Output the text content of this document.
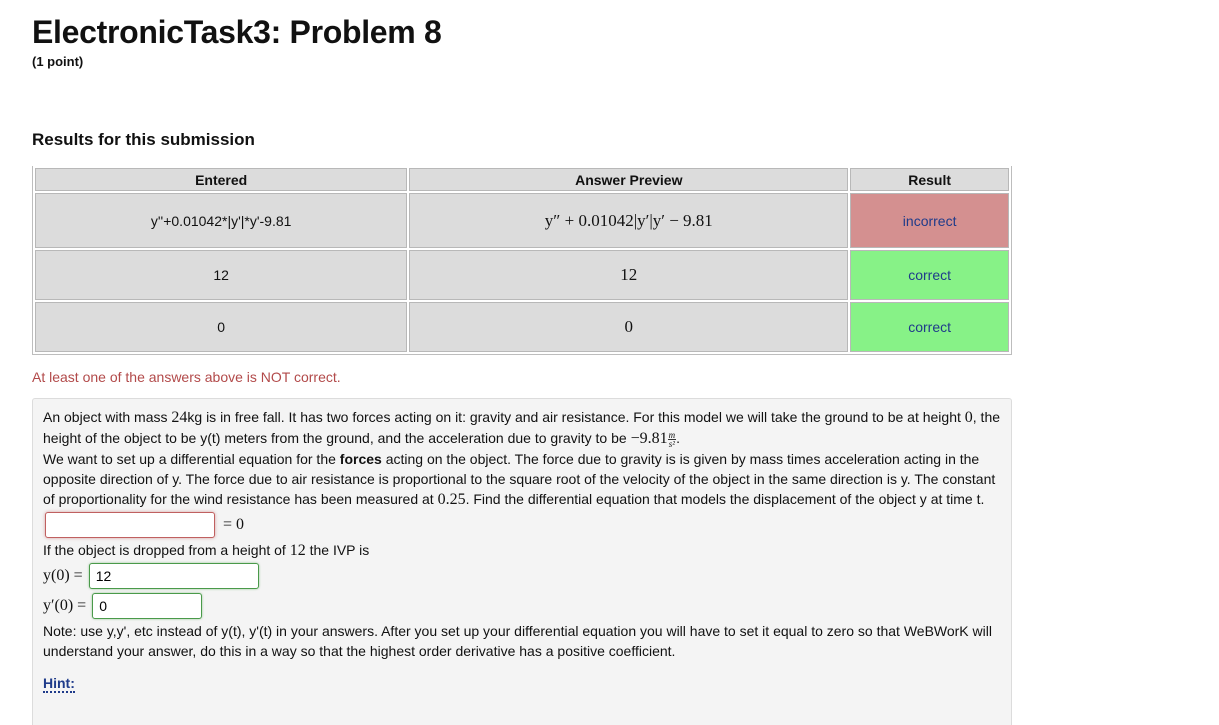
ElectronicTask3: Problem 8
(1 point)
Results for this submission
Entered	Answer Preview	Result
y''+0.01042*|y'|*y'-9.81	y″ + 0.01042|y′|y′ − 9.81	incorrect
12	12	correct
0	0	correct
At least one of the answers above is NOT correct.

An object with mass 24kg is in free fall. It has two forces acting on it: gravity and air resistance. For this model we will take the ground to be at height 0, the height of the object to be y(t) meters from the ground, and the acceleration due to gravity to be $-9.81 \frac{m}{\text{s²}}$ .

We want to set up a differential equation for the forces acting on the object. The force due to gravity is is given by mass times acceleration acting in the opposite direction of y. The force due to air resistance is proportional to the square root of the velocity of the object in the same direction is y. The constant of proportionality for the wind resistance has been measured at 0.25. Find the differential equation that models the displacement of the object y at time t.

= 0

If the object is dropped from a height of 12 the IVP is

y(0) =
12
y′(0) =
0

Note: use y,y', etc instead of y(t), y'(t) in your answers. After you set up your differential equation you will have to set it equal to zero so that WeBWorK will understand your answer, do this in a way so that the highest order derivative has a positive coefficient.

Hint:
